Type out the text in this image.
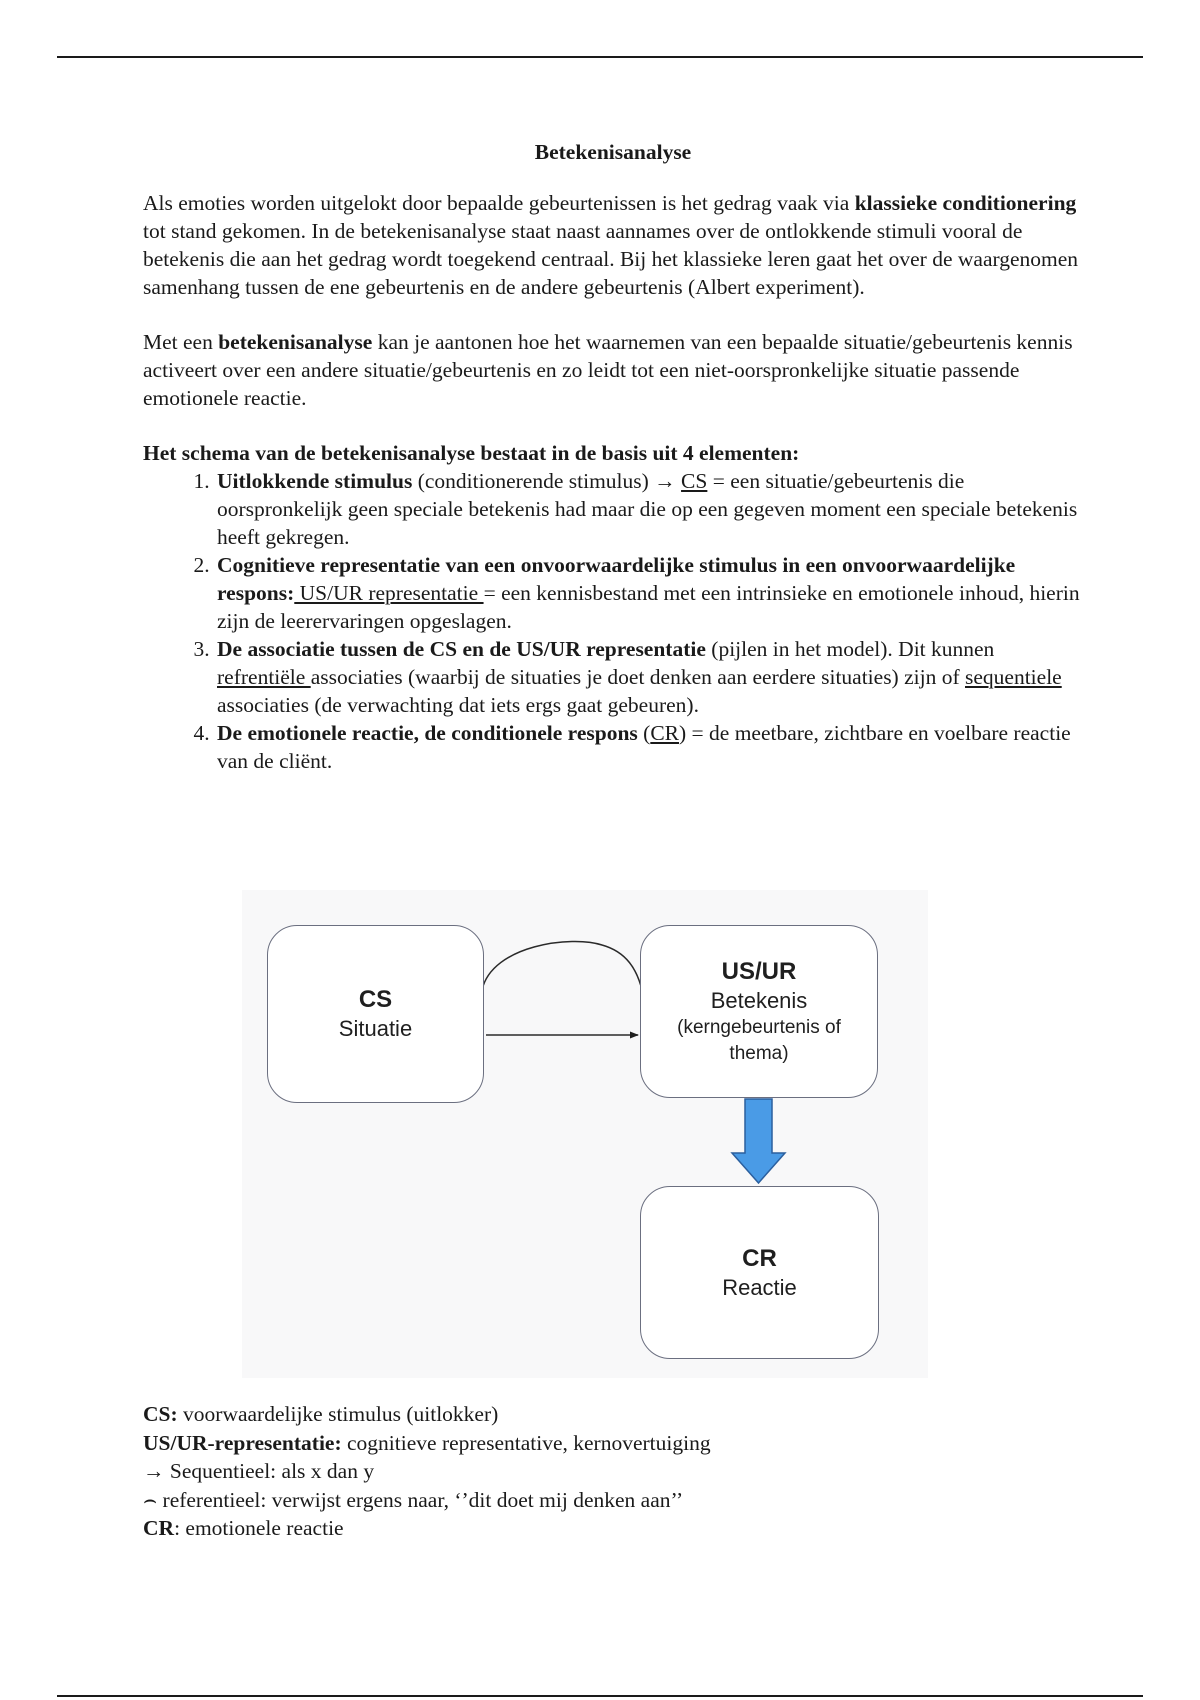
Betekenisanalyse

Als emoties worden uitgelokt door bepaalde gebeurtenissen is het gedrag vaak via klassieke conditionering tot stand gekomen. In de betekenisanalyse staat naast aannames over de ontlokkende stimuli vooral de betekenis die aan het gedrag wordt toegekend centraal. Bij het klassieke leren gaat het over de waargenomen samenhang tussen de ene gebeurtenis en de andere gebeurtenis (Albert experiment).

Met een betekenisanalyse kan je aantonen hoe het waarnemen van een bepaalde situatie/gebeurtenis kennis activeert over een andere situatie/gebeurtenis en zo leidt tot een niet-oorspronkelijke situatie passende emotionele reactie.

Het schema van de betekenisanalyse bestaat in de basis uit 4 elementen:

1. Uitlokkende stimulus (conditionerende stimulus) → CS = een situatie/gebeurtenis die oorspronkelijk geen speciale betekenis had maar die op een gegeven moment een speciale betekenis heeft gekregen.
2. Cognitieve representatie van een onvoorwaardelijke stimulus in een onvoorwaardelijke respons: US/UR representatie = een kennisbestand met een intrinsieke en emotionele inhoud, hierin zijn de leerervaringen opgeslagen.
3. De associatie tussen de CS en de US/UR representatie (pijlen in het model). Dit kunnen refrentiële associaties (waarbij de situaties je doet denken aan eerdere situaties) zijn of sequentiele associaties (de verwachting dat iets ergs gaat gebeuren).
4. De emotionele reactie, de conditionele respons (CR) = de meetbare, zichtbare en voelbare reactie van de cliënt.
CS
Situatie
US/UR
Betekenis
(kerngebeurtenis of thema)
CR
Reactie
CS: voorwaardelijke stimulus (uitlokker)
US/UR-representatie: cognitieve representative, kernovertuiging
→ Sequentieel: als x dan y
⌢ referentieel: verwijst ergens naar, ‘’dit doet mij denken aan’’
CR: emotionele reactie
